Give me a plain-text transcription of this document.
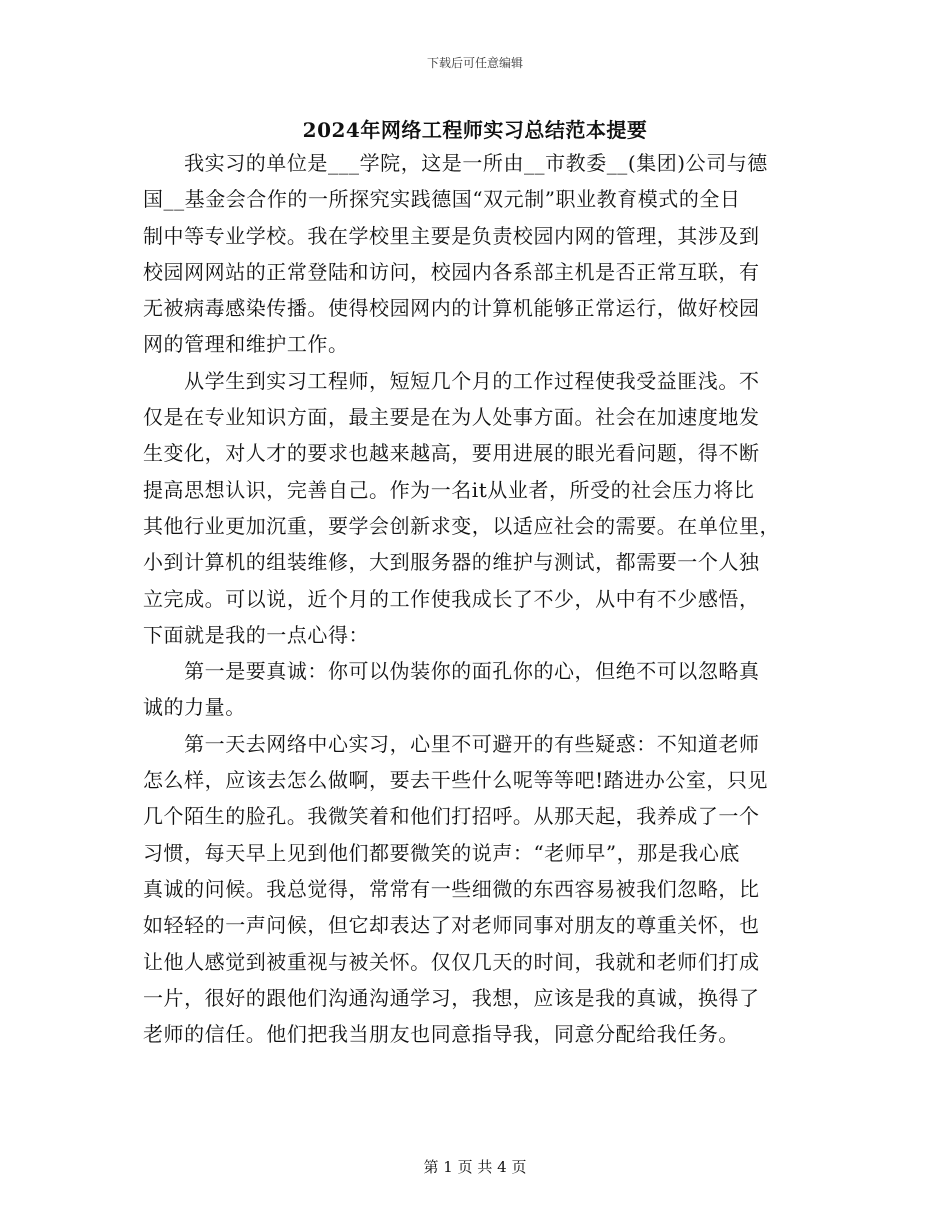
下载后可任意编辑
2024年网络工程师实习总结范本提要
　　我实习的单位是___学院，这是一所由__市教委__(集团)公司与德
国__基金会合作的一所探究实践德国“双元制”职业教育模式的全日
制中等专业学校。我在学校里主要是负责校园内网的管理，其涉及到
校园网网站的正常登陆和访问，校园内各系部主机是否正常互联，有
无被病毒感染传播。使得校园网内的计算机能够正常运行，做好校园
网的管理和维护工作。
　　从学生到实习工程师，短短几个月的工作过程使我受益匪浅。不
仅是在专业知识方面，最主要是在为人处事方面。社会在加速度地发
生变化，对人才的要求也越来越高，要用进展的眼光看问题，得不断
提高思想认识，完善自己。作为一名it从业者，所受的社会压力将比
其他行业更加沉重，要学会创新求变，以适应社会的需要。在单位里，
小到计算机的组装维修，大到服务器的维护与测试，都需要一个人独
立完成。可以说，近个月的工作使我成长了不少，从中有不少感悟，
下面就是我的一点心得：
　　第一是要真诚：你可以伪装你的面孔你的心，但绝不可以忽略真
诚的力量。
　　第一天去网络中心实习，心里不可避开的有些疑惑：不知道老师
怎么样，应该去怎么做啊，要去干些什么呢等等吧!踏进办公室，只见
几个陌生的脸孔。我微笑着和他们打招呼。从那天起，我养成了一个
习惯，每天早上见到他们都要微笑的说声：“老师早”，那是我心底
真诚的问候。我总觉得，常常有一些细微的东西容易被我们忽略，比
如轻轻的一声问候，但它却表达了对老师同事对朋友的尊重关怀，也
让他人感觉到被重视与被关怀。仅仅几天的时间，我就和老师们打成
一片，很好的跟他们沟通沟通学习，我想，应该是我的真诚，换得了
老师的信任。他们把我当朋友也同意指导我，同意分配给我任务。
第 1 页 共 4 页
